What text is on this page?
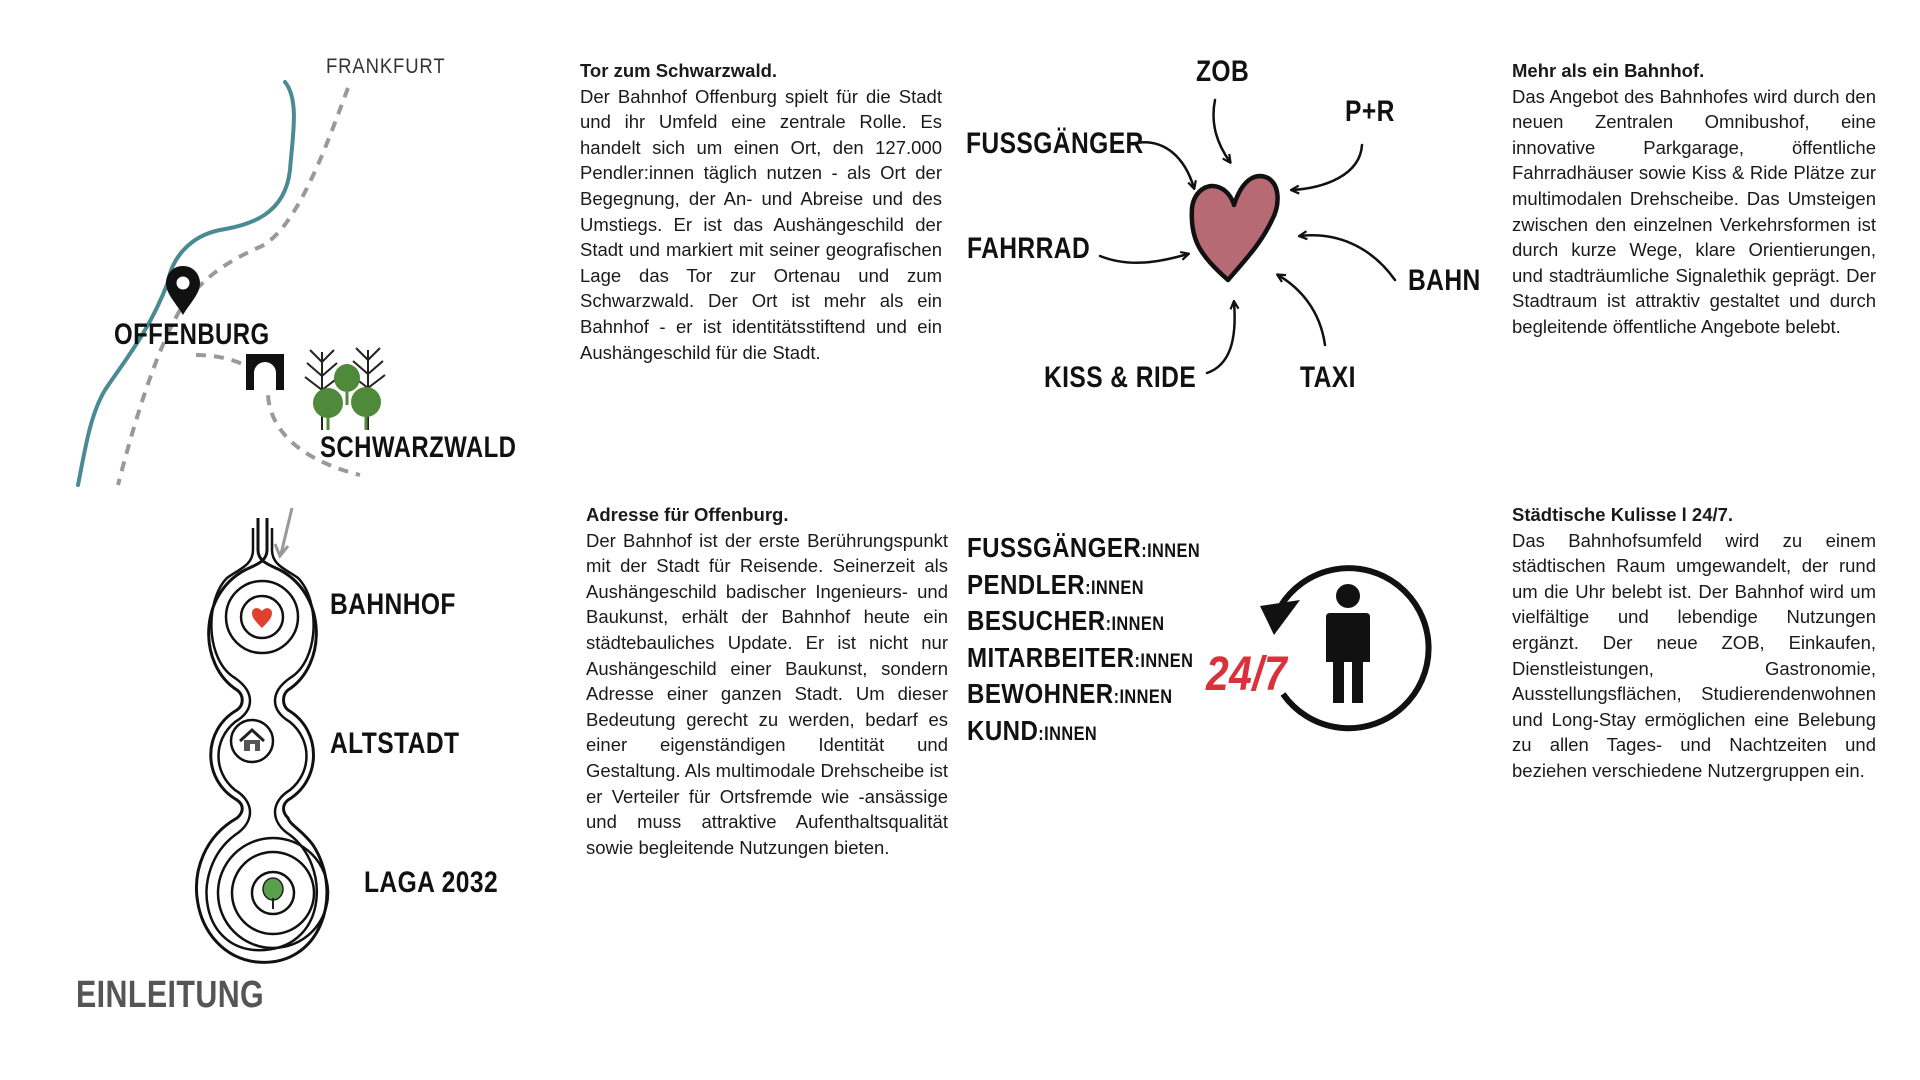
FRANKFURT
OFFENBURG
SCHWARZWALD
Tor zum Schwarzwald.

Der Bahnhof Offenburg spielt für die Stadt und ihr Umfeld eine zentrale Rolle. Es handelt sich um einen Ort, den 127.000 Pendler:innen täglich nutzen - als Ort der Begegnung, der An- und Abreise und des Umstiegs. Er ist das Aushängeschild der Stadt und markiert mit seiner geografischen Lage das Tor zur Ortenau und zum Schwarzwald. Der Ort ist mehr als ein Bahnhof - er ist identitätsstiftend und ein Aushängeschild für die Stadt.

ZOB
P+R
FUSSGÄNGER
FAHRRAD
BAHN
KISS & RIDE	TAXI
Mehr als ein Bahnhof.

Das Angebot des Bahnhofes wird durch den neuen Zentralen Omnibushof, eine innovative Parkgarage, öffentliche Fahrradhäuser sowie Kiss & Ride Plätze zur multimodalen Drehscheibe. Das Umsteigen zwischen den einzelnen Verkehrsformen ist durch kurze Wege, klare Orientierungen, und stadträumliche Signalethik geprägt. Der Stadtraum ist attraktiv gestaltet und durch begleitende öffentliche Angebote belebt.

BAHNHOF
ALTSTADT
LAGA 2032
EINLEITUNG
Adresse für Offenburg.

Der Bahnhof ist der erste Berührungspunkt mit der Stadt für Reisende. Seinerzeit als Aushängeschild badischer Ingenieurs- und Baukunst, erhält der Bahnhof heute ein städtebauliches Update. Er ist nicht nur Aushängeschild einer Baukunst, sondern Adresse einer ganzen Stadt. Um dieser Bedeutung gerecht zu werden, bedarf es einer eigenständigen Identität und Gestaltung. Als multimodale Drehscheibe ist er Verteiler für Ortsfremde wie -ansässige und muss attraktive Aufenthaltsqualität sowie begleitende Nutzungen bieten.

FUSSGÄNGER:INNEN
PENDLER:INNEN
BESUCHER:INNEN
MITARBEITER:INNEN
BEWOHNER:INNEN
KUND:INNEN
24/7
Städtische Kulisse l 24/7.

Das Bahnhofsumfeld wird zu einem städtischen Raum umgewandelt, der rund um die Uhr belebt ist. Der Bahnhof wird um vielfältige und lebendige Nutzungen ergänzt. Der neue ZOB, Einkaufen, Dienstleistungen, Gastronomie, Ausstellungsflächen, Studierendenwohnen und Long-Stay ermöglichen eine Belebung zu allen Tages- und Nachtzeiten und beziehen verschiedene Nutzergruppen ein.
